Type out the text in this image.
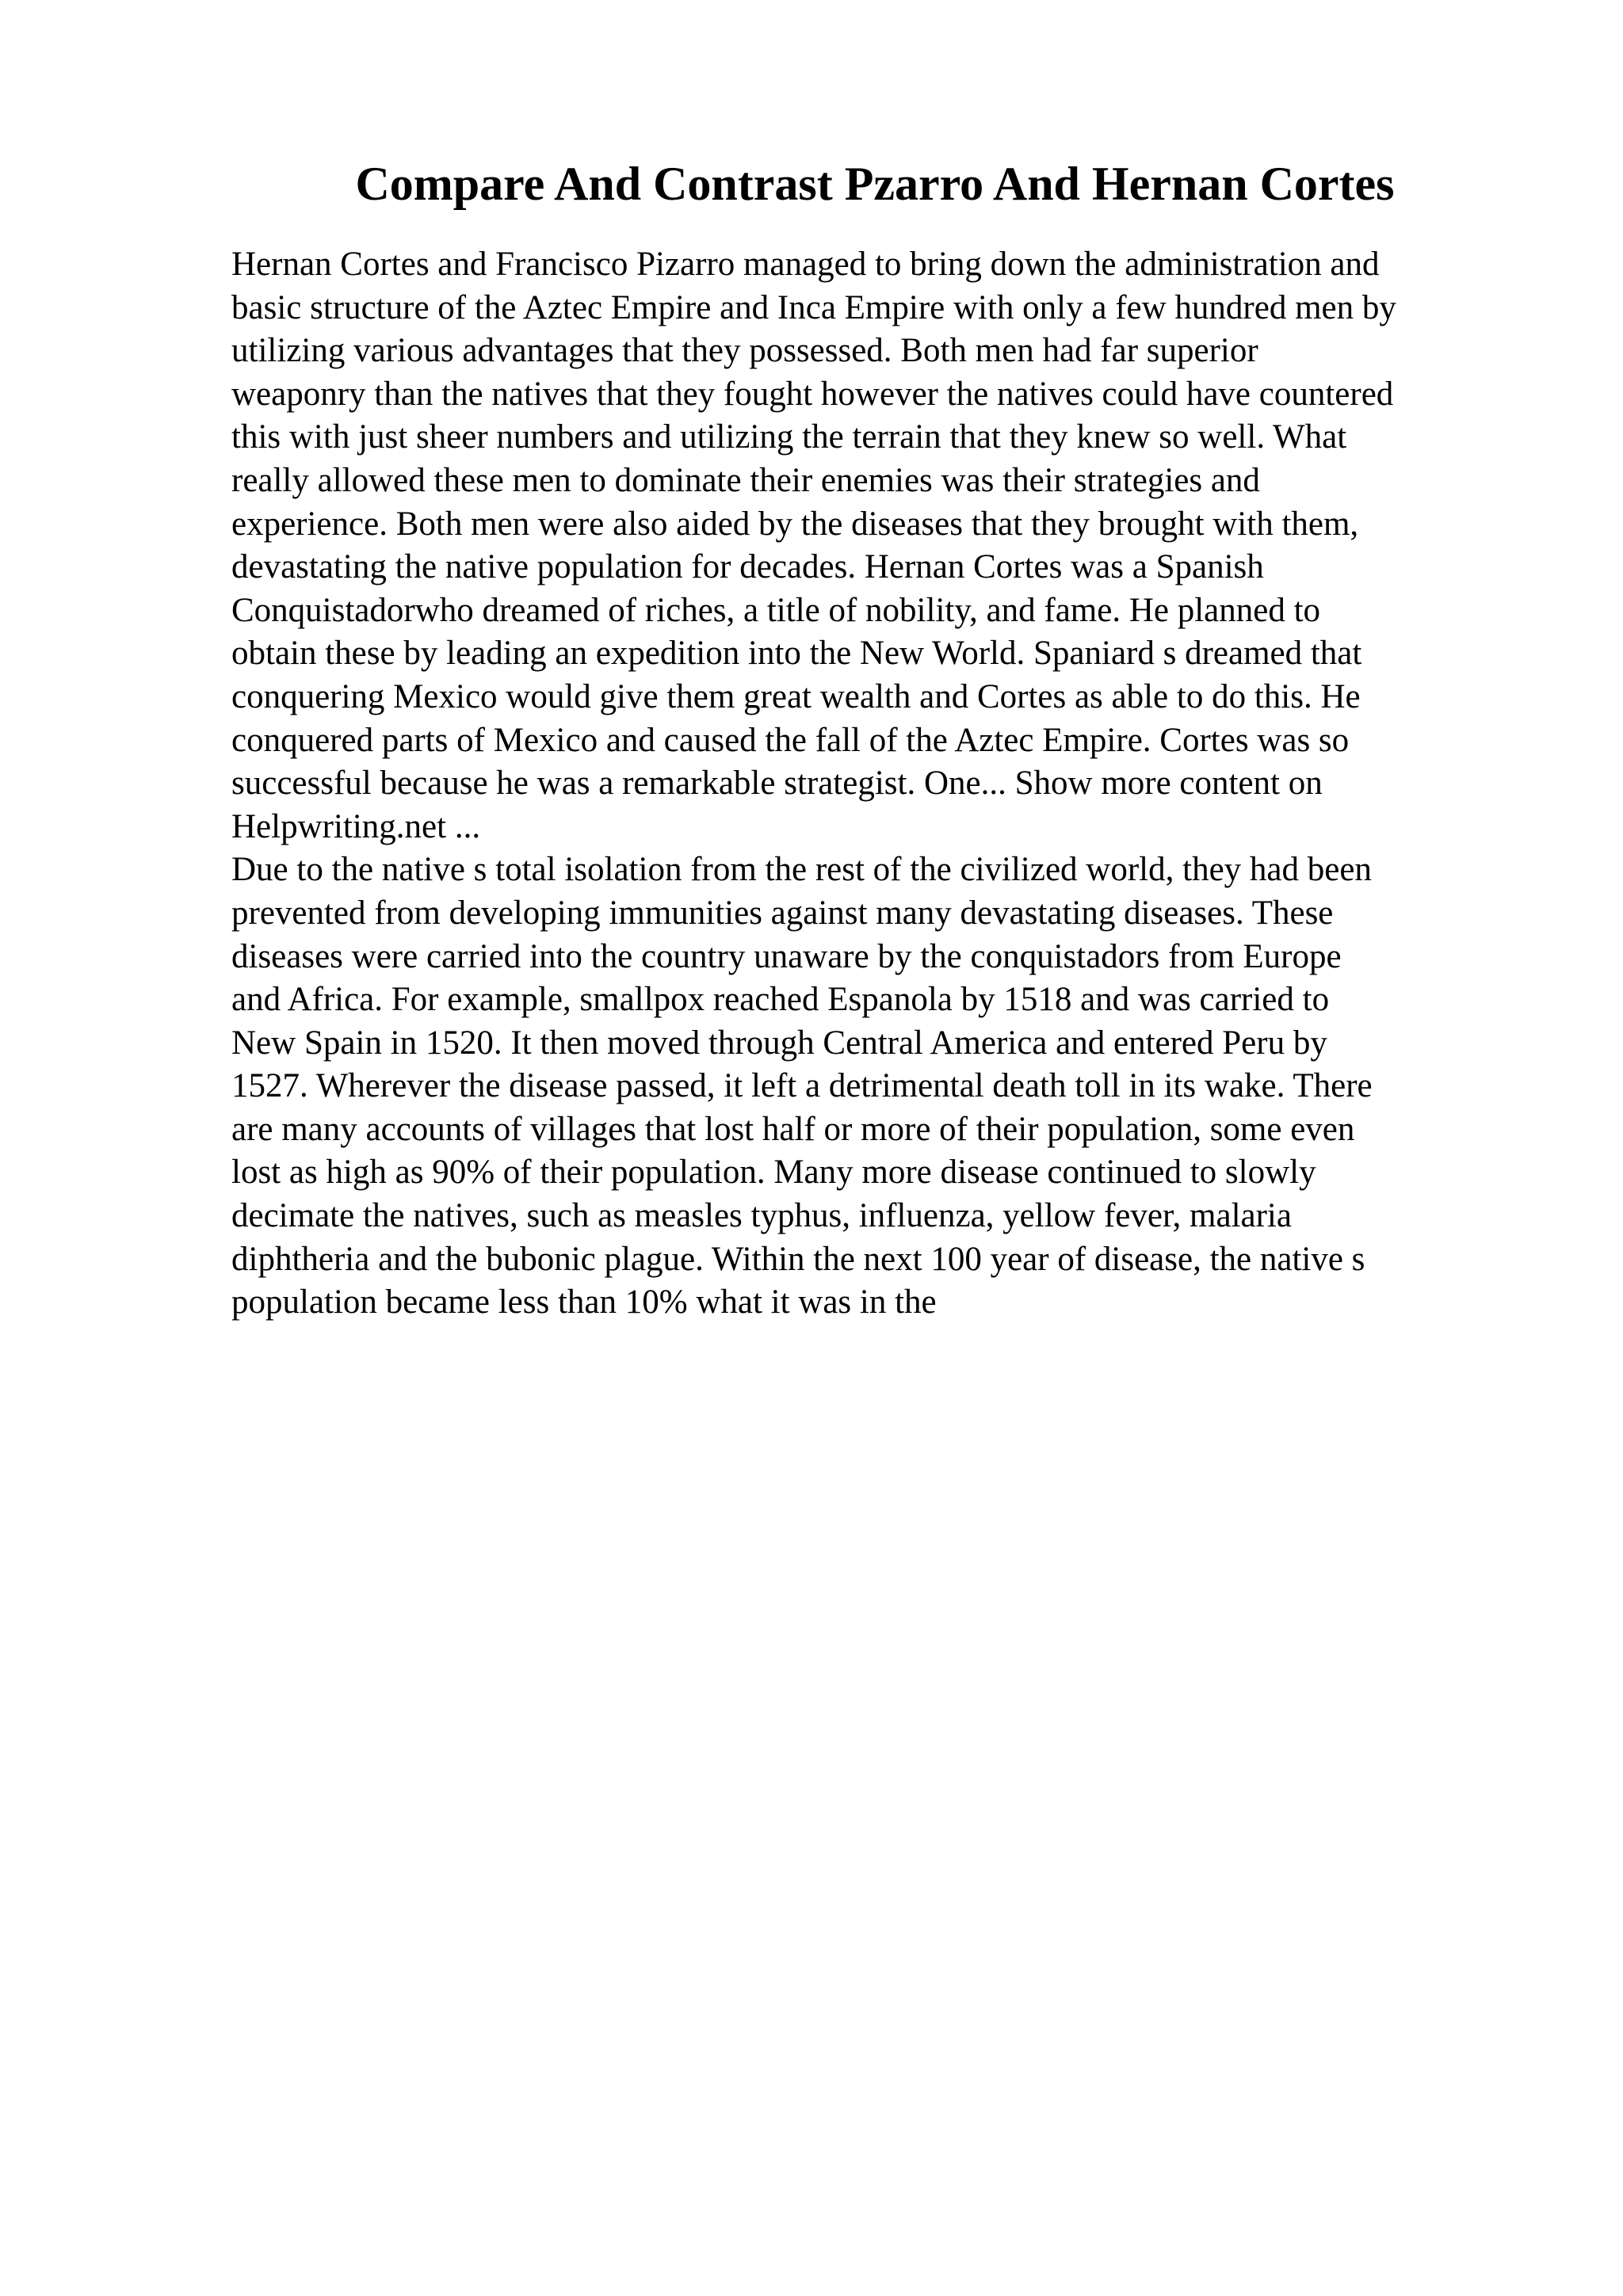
Compare And Contrast Pzarro And Hernan Cortes
Hernan Cortes and Francisco Pizarro managed to bring down the administration and
basic structure of the Aztec Empire and Inca Empire with only a few hundred men by
utilizing various advantages that they possessed. Both men had far superior
weaponry than the natives that they fought however the natives could have countered
this with just sheer numbers and utilizing the terrain that they knew so well. What
really allowed these men to dominate their enemies was their strategies and
experience. Both men were also aided by the diseases that they brought with them,
devastating the native population for decades. Hernan Cortes was a Spanish
Conquistadorwho dreamed of riches, a title of nobility, and fame. He planned to
obtain these by leading an expedition into the New World. Spaniard s dreamed that
conquering Mexico would give them great wealth and Cortes as able to do this. He
conquered parts of Mexico and caused the fall of the Aztec Empire. Cortes was so
successful because he was a remarkable strategist. One... Show more content on
Helpwriting.net ...
Due to the native s total isolation from the rest of the civilized world, they had been
prevented from developing immunities against many devastating diseases. These
diseases were carried into the country unaware by the conquistadors from Europe
and Africa. For example, smallpox reached Espanola by 1518 and was carried to
New Spain in 1520. It then moved through Central America and entered Peru by
1527. Wherever the disease passed, it left a detrimental death toll in its wake. There
are many accounts of villages that lost half or more of their population, some even
lost as high as 90% of their population. Many more disease continued to slowly
decimate the natives, such as measles typhus, influenza, yellow fever, malaria
diphtheria and the bubonic plague. Within the next 100 year of disease, the native s
population became less than 10% what it was in the
